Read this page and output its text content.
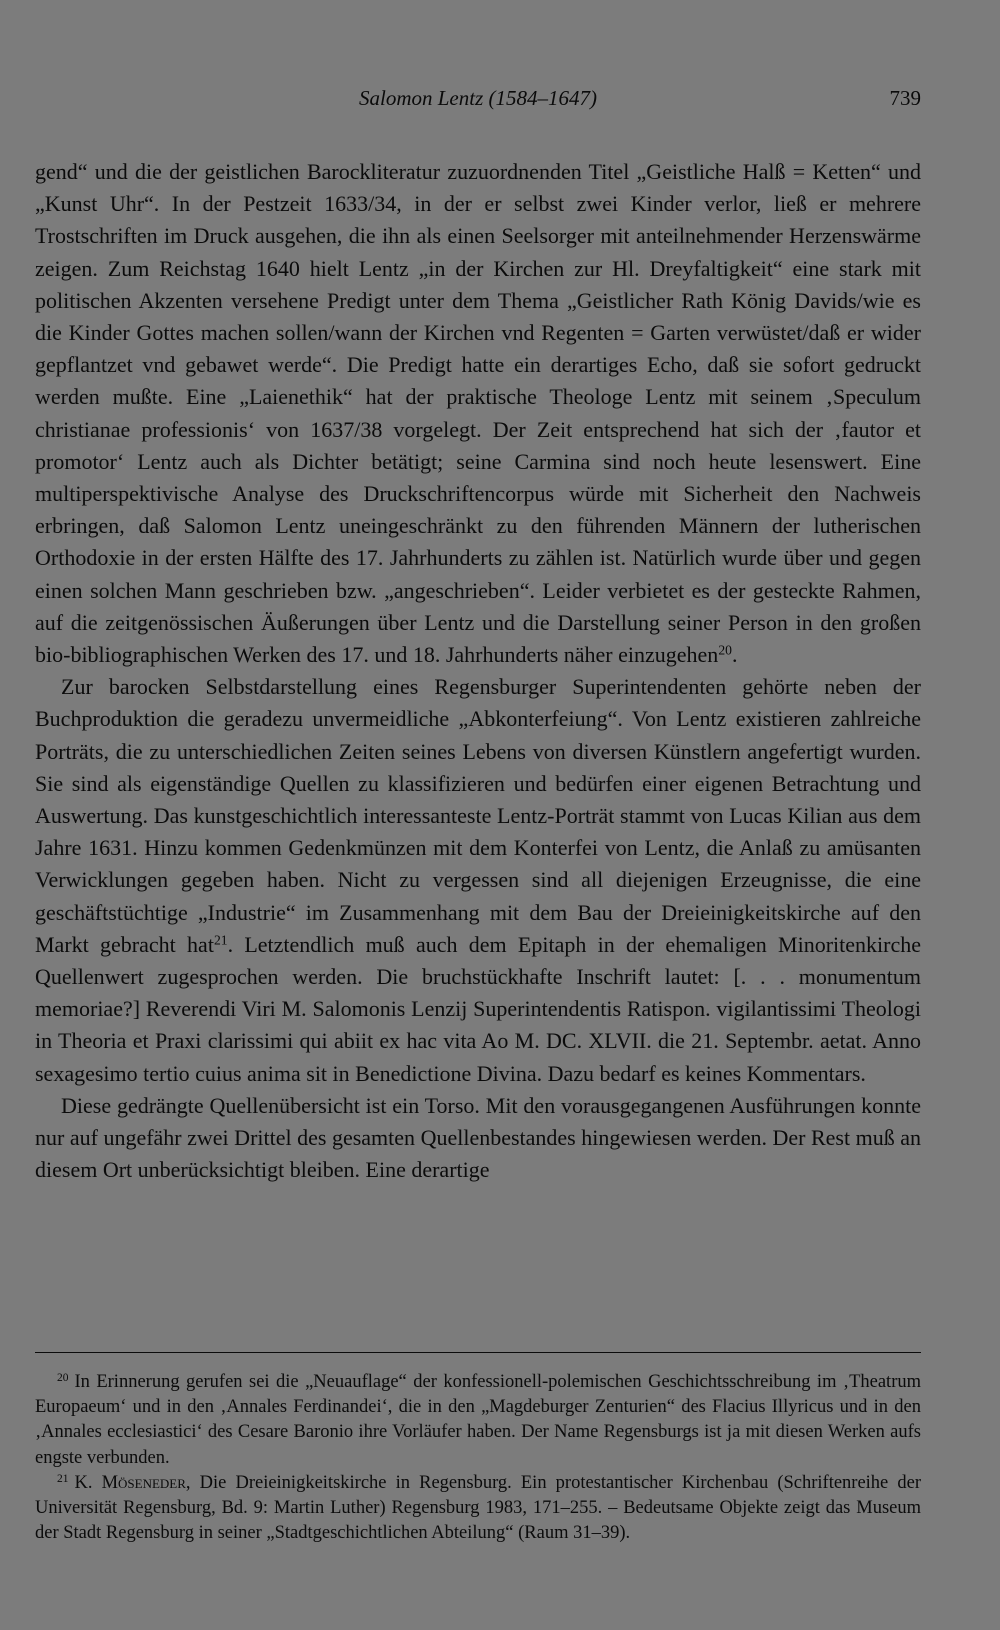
Salomon Lentz (1584–1647)	739

gend“ und die der geistlichen Barockliteratur zuzuordnenden Titel „Geistliche Halß = Ketten“ und „Kunst Uhr“. In der Pestzeit 1633/34, in der er selbst zwei Kinder verlor, ließ er mehrere Trostschriften im Druck ausgehen, die ihn als einen Seelsorger mit anteilnehmender Herzenswärme zeigen. Zum Reichstag 1640 hielt Lentz „in der Kirchen zur Hl. Dreyfaltigkeit“ eine stark mit politischen Akzenten versehene Predigt unter dem Thema „Geistlicher Rath König Davids/wie es die Kinder Gottes machen sollen/wann der Kirchen vnd Regenten = Garten verwüstet/daß er wider gepflantzet vnd gebawet werde“. Die Predigt hatte ein derartiges Echo, daß sie sofort gedruckt werden mußte. Eine „Laienethik“ hat der praktische Theologe Lentz mit seinem ‚Speculum christianae professionis‘ von 1637/38 vorgelegt. Der Zeit entsprechend hat sich der ‚fautor et promotor‘ Lentz auch als Dichter betätigt; seine Carmina sind noch heute lesenswert. Eine multiperspektivische Analyse des Druckschriftencorpus würde mit Sicherheit den Nachweis erbringen, daß Salomon Lentz uneingeschränkt zu den führenden Männern der lutherischen Orthodoxie in der ersten Hälfte des 17. Jahrhunderts zu zählen ist. Natürlich wurde über und gegen einen solchen Mann geschrieben bzw. „angeschrieben“. Leider verbietet es der gesteckte Rahmen, auf die zeitgenössischen Äußerungen über Lentz und die Darstellung seiner Person in den großen bio-bibliographischen Werken des 17. und 18. Jahrhunderts näher einzugehen$^{20}$.

Zur barocken Selbstdarstellung eines Regensburger Superintendenten gehörte neben der Buchproduktion die geradezu unvermeidliche „Abkonterfeiung“. Von Lentz existieren zahlreiche Porträts, die zu unterschiedlichen Zeiten seines Lebens von diversen Künstlern angefertigt wurden. Sie sind als eigenständige Quellen zu klassifizieren und bedürfen einer eigenen Betrachtung und Auswertung. Das kunstgeschichtlich interessanteste Lentz-Porträt stammt von Lucas Kilian aus dem Jahre 1631. Hinzu kommen Gedenkmünzen mit dem Konterfei von Lentz, die Anlaß zu amüsanten Verwicklungen gegeben haben. Nicht zu vergessen sind all diejenigen Erzeugnisse, die eine geschäftstüchtige „Industrie“ im Zusammenhang mit dem Bau der Dreieinigkeitskirche auf den Markt gebracht hat$^{21}$. Letztendlich muß auch dem Epitaph in der ehemaligen Minoritenkirche Quellenwert zugesprochen werden. Die bruchstückhafte Inschrift lautet: [. . . monumentum memoriae?] Reverendi Viri M. Salomonis Lenzij Superintendentis Ratispon. vigilantissimi Theologi in Theoria et Praxi clarissimi qui abiit ex hac vita Ao M. DC. XLVII. die 21. Septembr. aetat. Anno sexagesimo tertio cuius anima sit in Benedictione Divina. Dazu bedarf es keines Kommentars.

Diese gedrängte Quellenübersicht ist ein Torso. Mit den vorausgegangenen Ausführungen konnte nur auf ungefähr zwei Drittel des gesamten Quellenbestandes hingewiesen werden. Der Rest muß an diesem Ort unberücksichtigt bleiben. Eine derartige

$^{20}$ In Erinnerung gerufen sei die „Neuauflage“ der konfessionell-polemischen Geschichtsschreibung im ‚Theatrum Europaeum‘ und in den ‚Annales Ferdinandei‘, die in den „Magdeburger Zenturien“ des Flacius Illyricus und in den ‚Annales ecclesiastici‘ des Cesare Baronio ihre Vorläufer haben. Der Name Regensburgs ist ja mit diesen Werken aufs engste verbunden.

$^{21}$ K. Möseneder, Die Dreieinigkeitskirche in Regensburg. Ein protestantischer Kirchenbau (Schriftenreihe der Universität Regensburg, Bd. 9: Martin Luther) Regensburg 1983, 171–255. – Bedeutsame Objekte zeigt das Museum der Stadt Regensburg in seiner „Stadtgeschichtlichen Abteilung“ (Raum 31–39).
